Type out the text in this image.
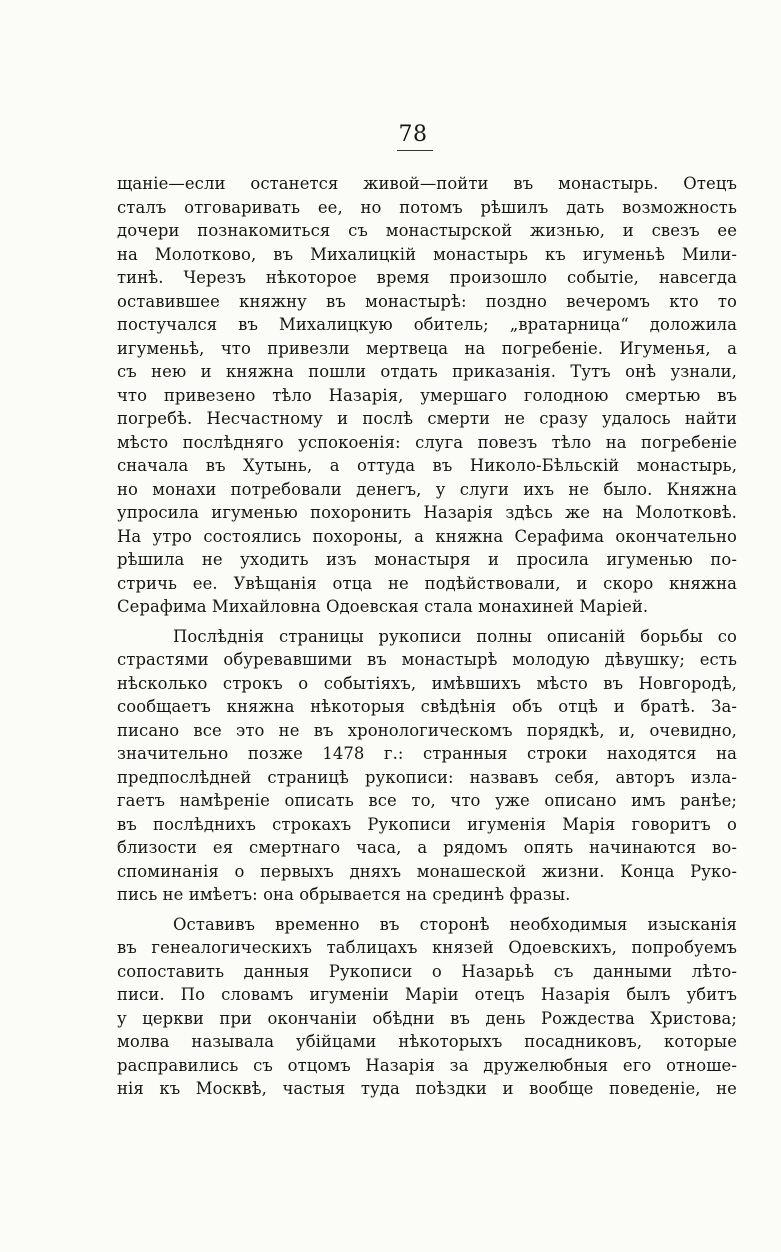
78
щаніе—если останется живой—пойти въ монастырь. Отецъ
сталъ отговаривать ее, но потомъ рѣшилъ дать возможность
дочери познакомиться съ монастырской жизнью, и свезъ ее
на Молотково, въ Михалицкій монастырь къ игуменьѣ Мили-
тинѣ. Черезъ нѣкоторое время произошло событіе, навсегда
оставившее княжну въ монастырѣ: поздно вечеромъ кто то
постучался въ Михалицкую обитель; „вратарница“ доложила
игуменьѣ, что привезли мертвеца на погребеніе. Игуменья, а
съ нею и княжна пошли отдать приказанія. Тутъ онѣ узнали,
что привезено тѣло Назарія, умершаго голодною смертью въ
погребѣ. Несчастному и послѣ смерти не сразу удалось найти
мѣсто послѣдняго успокоенія: слуга повезъ тѣло на погребеніе
сначала въ Хутынь, а оттуда въ Николо-Бѣльскій монастырь,
но монахи потребовали денегъ, у слуги ихъ не было. Княжна
упросила игуменью похоронить Назарія здѣсь же на Молотковѣ.
На утро состоялись похороны, а княжна Серафима окончательно
рѣшила не уходить изъ монастыря и просила игуменью по-
стричь ее. Увѣщанія отца не подѣйствовали, и скоро княжна
Серафима Михайловна Одоевская стала монахиней Маріей.
Послѣднія страницы рукописи полны описаній борьбы со
страстями обуревавшими въ монастырѣ молодую дѣвушку; есть
нѣсколько строкъ о событіяхъ, имѣвшихъ мѣсто въ Новгородѣ,
сообщаетъ княжна нѣкоторыя свѣдѣнія объ отцѣ и братѣ. За-
писано все это не въ хронологическомъ порядкѣ, и, очевидно,
значительно позже 1478 г.: странныя строки находятся на
предпослѣдней страницѣ рукописи: назвавъ себя, авторъ изла-
гаетъ намѣреніе описать все то, что уже описано имъ ранѣе;
въ послѣднихъ строкахъ Рукописи игуменія Марія говоритъ о
близости ея смертнаго часа, а рядомъ опять начинаются во-
споминанія о первыхъ дняхъ монашеской жизни. Конца Руко-
пись не имѣетъ: она обрывается на срединѣ фразы.
Оставивъ временно въ сторонѣ необходимыя изысканія
въ генеалогическихъ таблицахъ князей Одоевскихъ, попробуемъ
сопоставить данныя Рукописи о Назарьѣ съ данными лѣто-
писи. По словамъ игуменіи Маріи отецъ Назарія былъ убитъ
у церкви при окончаніи обѣдни въ день Рождества Христова;
молва называла убійцами нѣкоторыхъ посадниковъ, которые
расправились съ отцомъ Назарія за дружелюбныя его отноше-
нія къ Москвѣ, частыя туда поѣздки и вообще поведеніе, не
